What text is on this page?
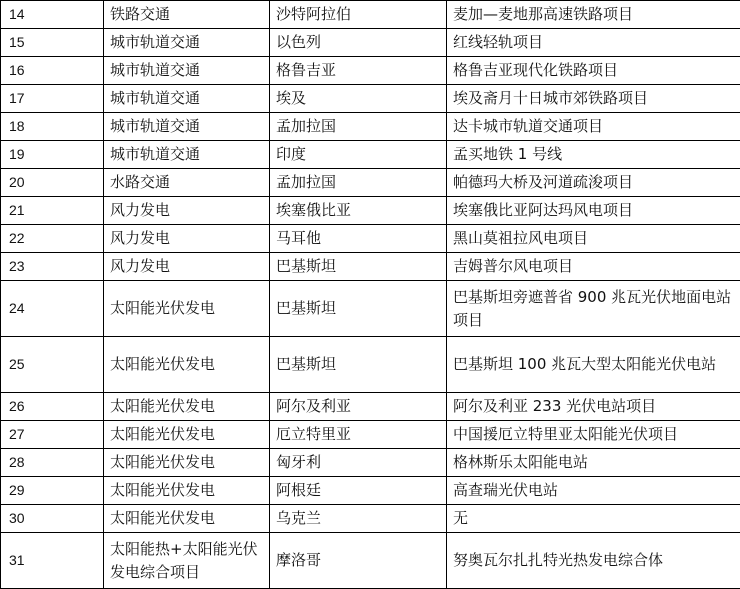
14	铁路交通	沙特阿拉伯	麦加—麦地那高速铁路项目
15	城市轨道交通	以色列	红线轻轨项目
16	城市轨道交通	格鲁吉亚	格鲁吉亚现代化铁路项目
17	城市轨道交通	埃及	埃及斋月十日城市郊铁路项目
18	城市轨道交通	孟加拉国	达卡城市轨道交通项目
19	城市轨道交通	印度	孟买地铁 1 号线
20	水路交通	孟加拉国	帕德玛大桥及河道疏浚项目
21	风力发电	埃塞俄比亚	埃塞俄比亚阿达玛风电项目
22	风力发电	马耳他	黑山莫祖拉风电项目
23	风力发电	巴基斯坦	吉姆普尔风电项目
24	太阳能光伏发电	巴基斯坦	巴基斯坦旁遮普省 900 兆瓦光伏地面电站项目
25	太阳能光伏发电	巴基斯坦	巴基斯坦 100 兆瓦大型太阳能光伏电站
26	太阳能光伏发电	阿尔及利亚	阿尔及利亚 233 光伏电站项目
27	太阳能光伏发电	厄立特里亚	中国援厄立特里亚太阳能光伏项目
28	太阳能光伏发电	匈牙利	格林斯乐太阳能电站
29	太阳能光伏发电	阿根廷	高查瑞光伏电站
30	太阳能光伏发电	乌克兰	无
31	太阳能热+太阳能光伏发电综合项目	摩洛哥	努奥瓦尔扎扎特光热发电综合体
